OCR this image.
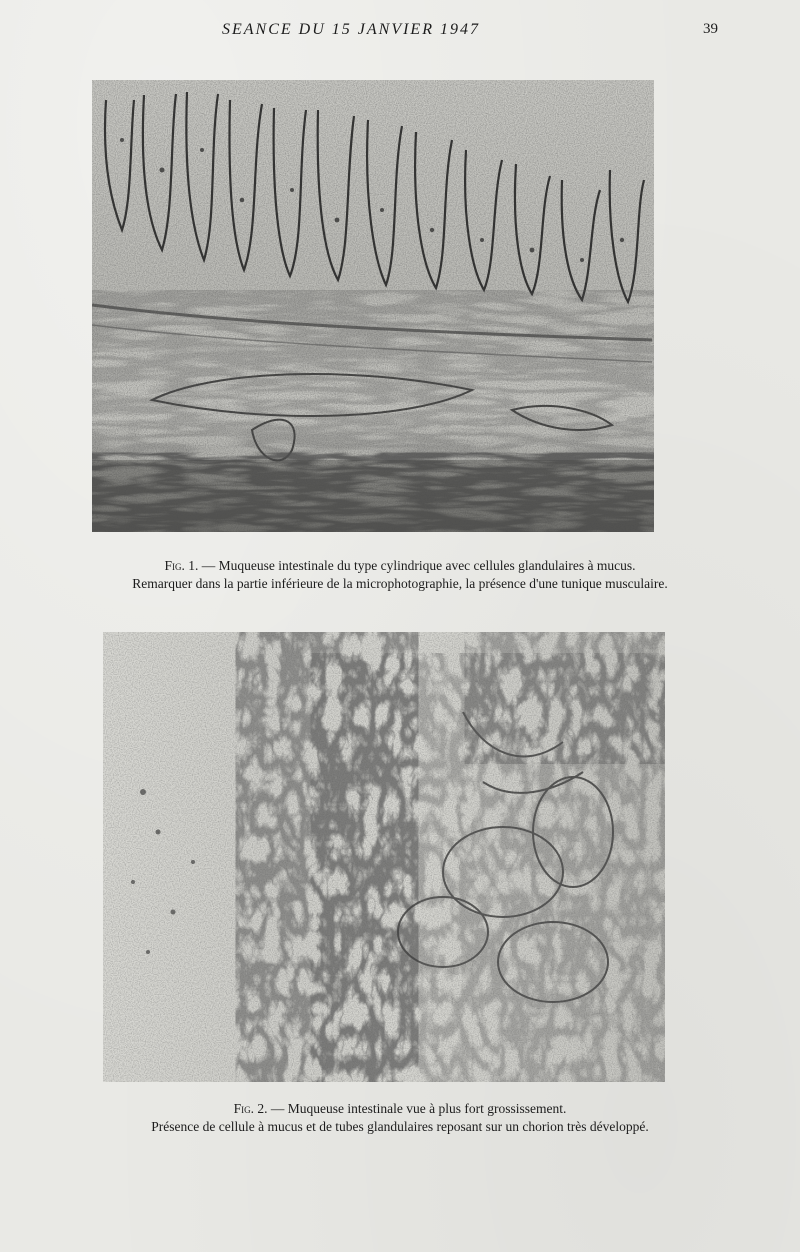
SEANCE DU 15 JANVIER 1947	39
Fig. 1. — Muqueuse intestinale du type cylindrique avec cellules glandulaires à mucus.
Remarquer dans la partie inférieure de la microphotographie, la présence d'une tunique musculaire.
Fig. 2. — Muqueuse intestinale vue à plus fort grossissement.
Présence de cellule à mucus et de tubes glandulaires reposant sur un chorion très développé.
